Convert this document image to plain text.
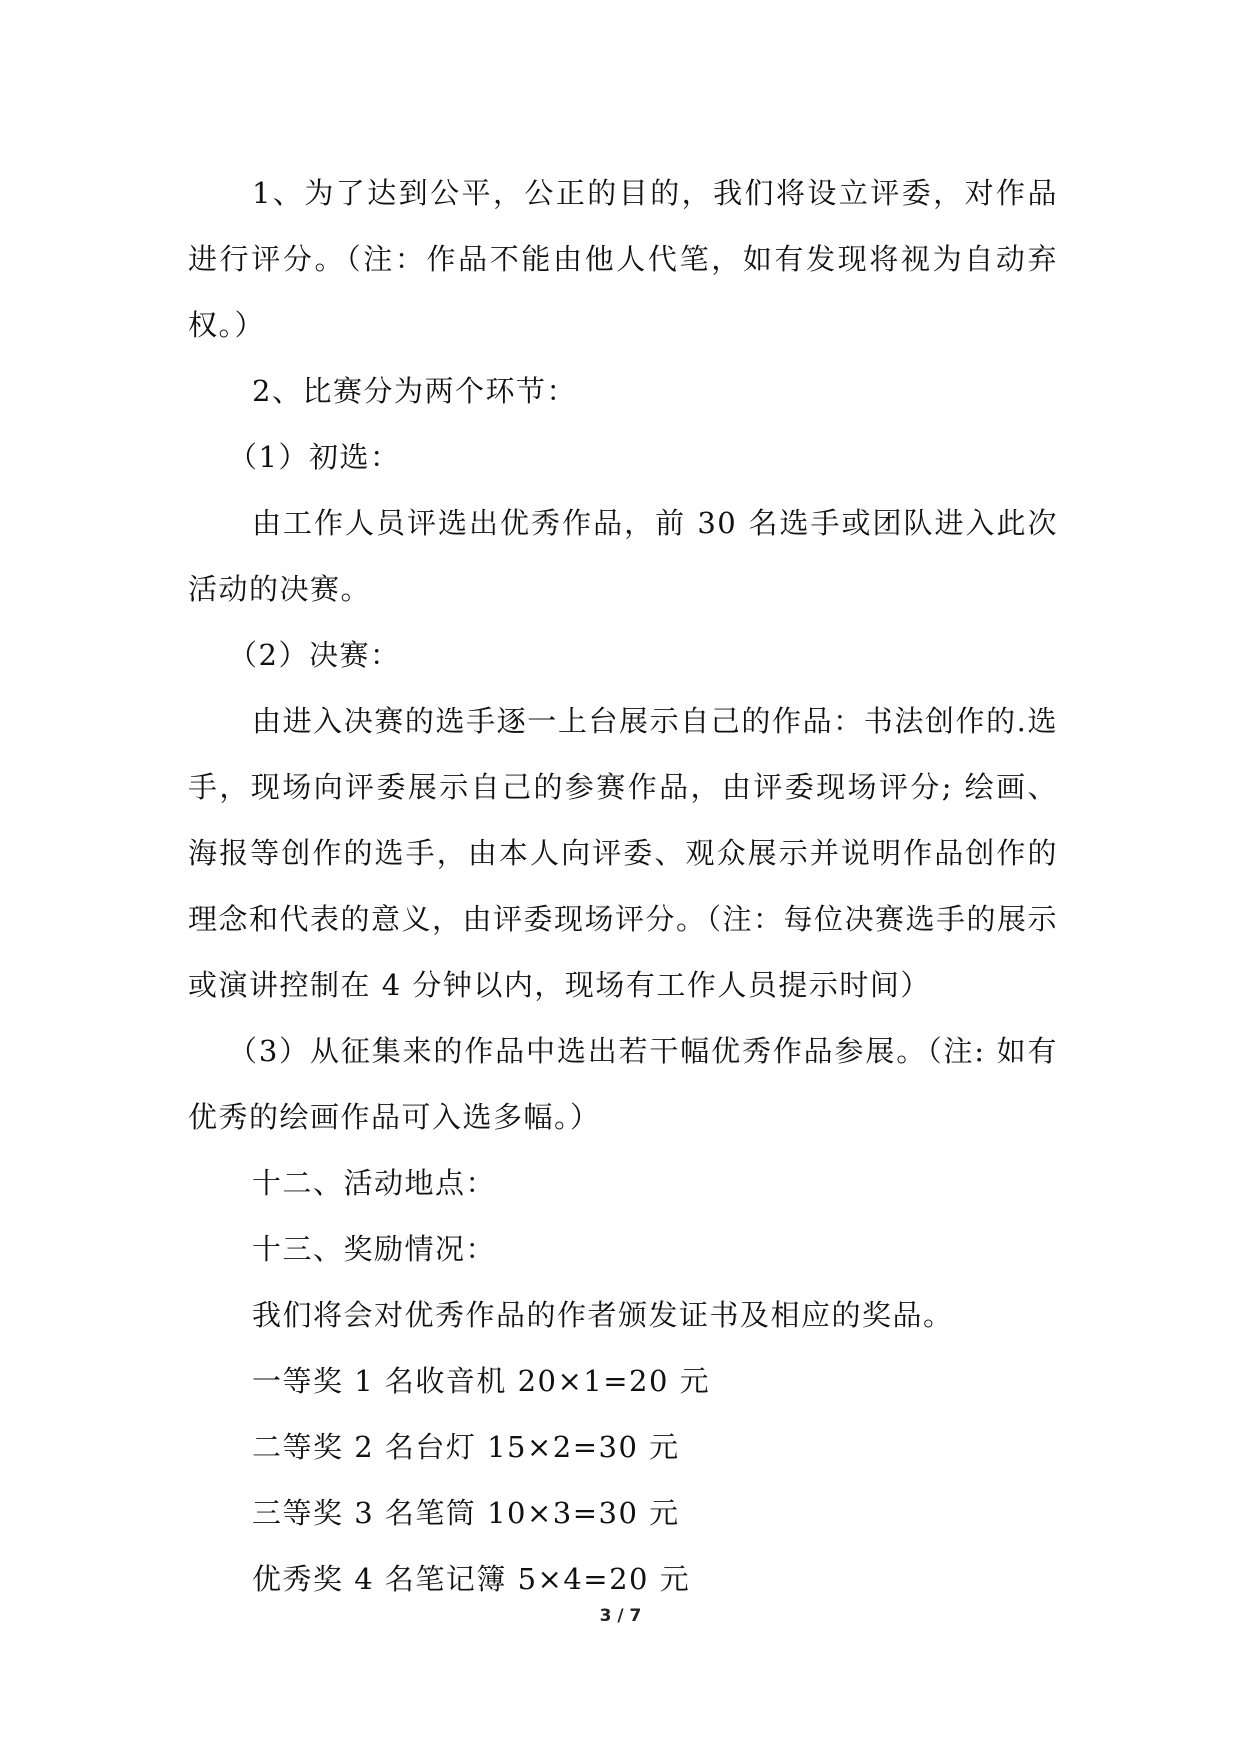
1、为了达到公平，公正的目的，我们将设立评委，对作品进行评分。（注：作品不能由他人代笔，如有发现将视为自动弃权。）

2、比赛分为两个环节：

（1）初选：

由工作人员评选出优秀作品，前 30 名选手或团队进入此次活动的决赛。

（2）决赛：

由进入决赛的选手逐一上台展示自己的作品：书法创作的.选手，现场向评委展示自己的参赛作品，由评委现场评分; 绘画、海报等创作的选手，由本人向评委、观众展示并说明作品创作的理念和代表的意义，由评委现场评分。（注：每位决赛选手的展示或演讲控制在 4 分钟以内，现场有工作人员提示时间）

（3）从征集来的作品中选出若干幅优秀作品参展。（注: 如有优秀的绘画作品可入选多幅。）

十二、活动地点：

十三、奖励情况：

我们将会对优秀作品的作者颁发证书及相应的奖品。

一等奖 1 名收音机 20×1=20 元

二等奖 2 名台灯 15×2=30 元

三等奖 3 名笔筒 10×3=30 元

优秀奖 4 名笔记簿 5×4=20 元

3 / 7
